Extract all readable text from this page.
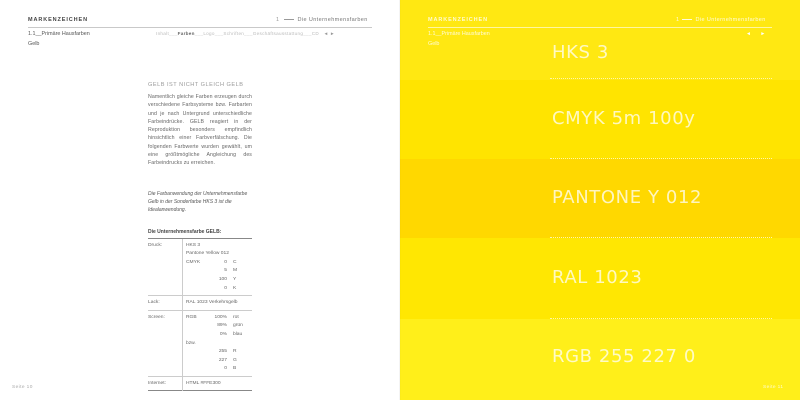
MARKENZEICHEN	1	Die Unternehmensfarben
1.1__Primäre Hausfarben
Gelb
Inhalt___Farben___Logo___Schriften___Geschäftsausstattung___CD ◄ ►
GELB IST NICHT GLEICH GELB
Namentlich gleiche Farben erzeugen durch verschiedene Farbsysteme bzw. Farbarten und je nach Untergrund unterschiedliche Farbeindrücke. GELB reagiert in der Reproduktion besonders empfindlich hinsichtlich einer Farbverfälschung. Die folgenden Farbwerte wurden gewählt, um eine größtmögliche Angleichung des Farbeindrucks zu erreichen.
Die Farbanwendung der Unternehmensfarbe Gelb in der Sonderfarbe HKS 3 ist die Idealanwendung.
Die Unternehmensfarbe GELB:
Druck:	HKS 3
Pantone Yellow 012
CMYK	0	C
5	M
100	Y
0	K
Lack:	RAL 1023 Verkehrsgelb
Screen:	RGB	100%	rot
89%	grün
0%	blau
bzw.
255	R
227	G
0	B
Internet:	HTML #FFE300
Seite 10
MARKENZEICHEN	1	Die Unternehmensfarben
1.1__Primäre Hausfarben
Gelb
◄ ►
HKS 3
CMYK 5m 100y
PANTONE Y 012
RAL 1023
RGB 255 227 0
Seite 11
